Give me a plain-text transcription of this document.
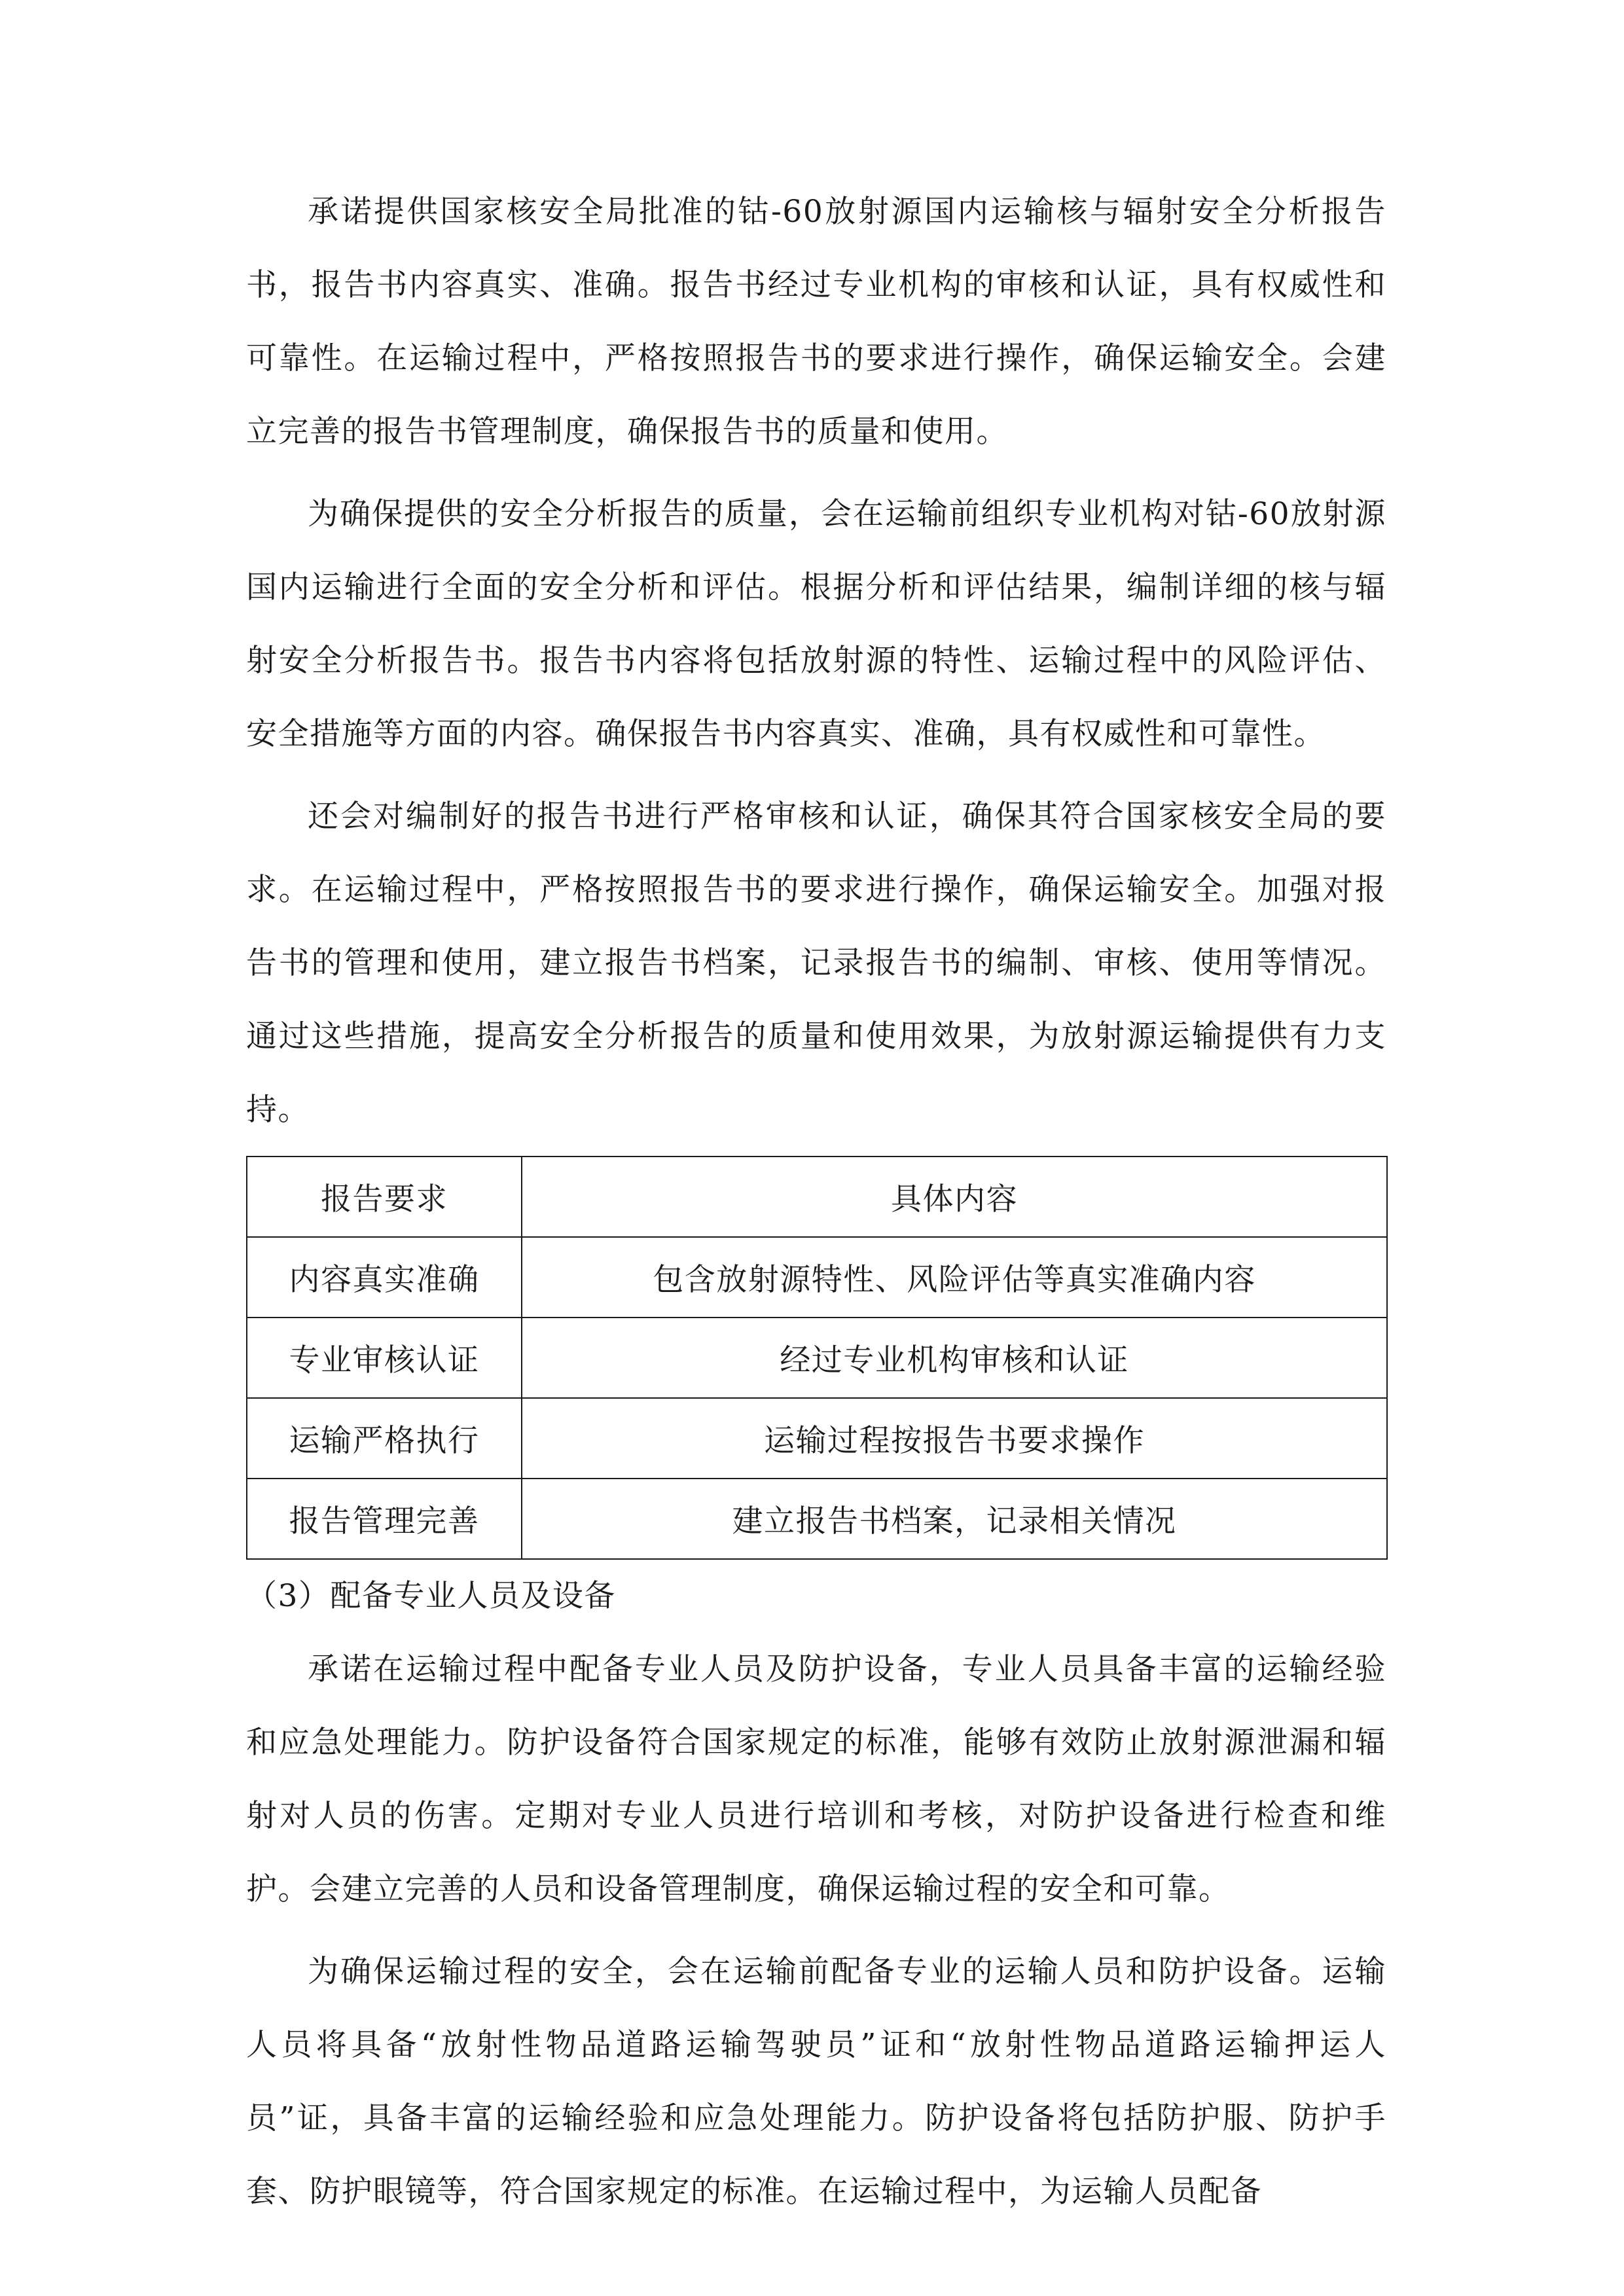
承诺提供国家核安全局批准的钴-60放射源国内运输核与辐射安全分析报告书，报告书内容真实、准确。报告书经过专业机构的审核和认证，具有权威性和可靠性。在运输过程中，严格按照报告书的要求进行操作，确保运输安全。会建立完善的报告书管理制度，确保报告书的质量和使用。

为确保提供的安全分析报告的质量，会在运输前组织专业机构对钴-60放射源国内运输进行全面的安全分析和评估。根据分析和评估结果，编制详细的核与辐射安全分析报告书。报告书内容将包括放射源的特性、运输过程中的风险评估、安全措施等方面的内容。确保报告书内容真实、准确，具有权威性和可靠性。

还会对编制好的报告书进行严格审核和认证，确保其符合国家核安全局的要求。在运输过程中，严格按照报告书的要求进行操作，确保运输安全。加强对报告书的管理和使用，建立报告书档案，记录报告书的编制、审核、使用等情况。通过这些措施，提高安全分析报告的质量和使用效果，为放射源运输提供有力支持。

报告要求	具体内容
内容真实准确	包含放射源特性、风险评估等真实准确内容
专业审核认证	经过专业机构审核和认证
运输严格执行	运输过程按报告书要求操作
报告管理完善	建立报告书档案，记录相关情况

（3）配备专业人员及设备

承诺在运输过程中配备专业人员及防护设备，专业人员具备丰富的运输经验和应急处理能力。防护设备符合国家规定的标准，能够有效防止放射源泄漏和辐射对人员的伤害。定期对专业人员进行培训和考核，对防护设备进行检查和维护。会建立完善的人员和设备管理制度，确保运输过程的安全和可靠。

为确保运输过程的安全，会在运输前配备专业的运输人员和防护设备。运输人员将具备“放射性物品道路运输驾驶员”证和“放射性物品道路运输押运人员”证，具备丰富的运输经验和应急处理能力。防护设备将包括防护服、防护手套、防护眼镜等，符合国家规定的标准。在运输过程中，为运输人员配备
